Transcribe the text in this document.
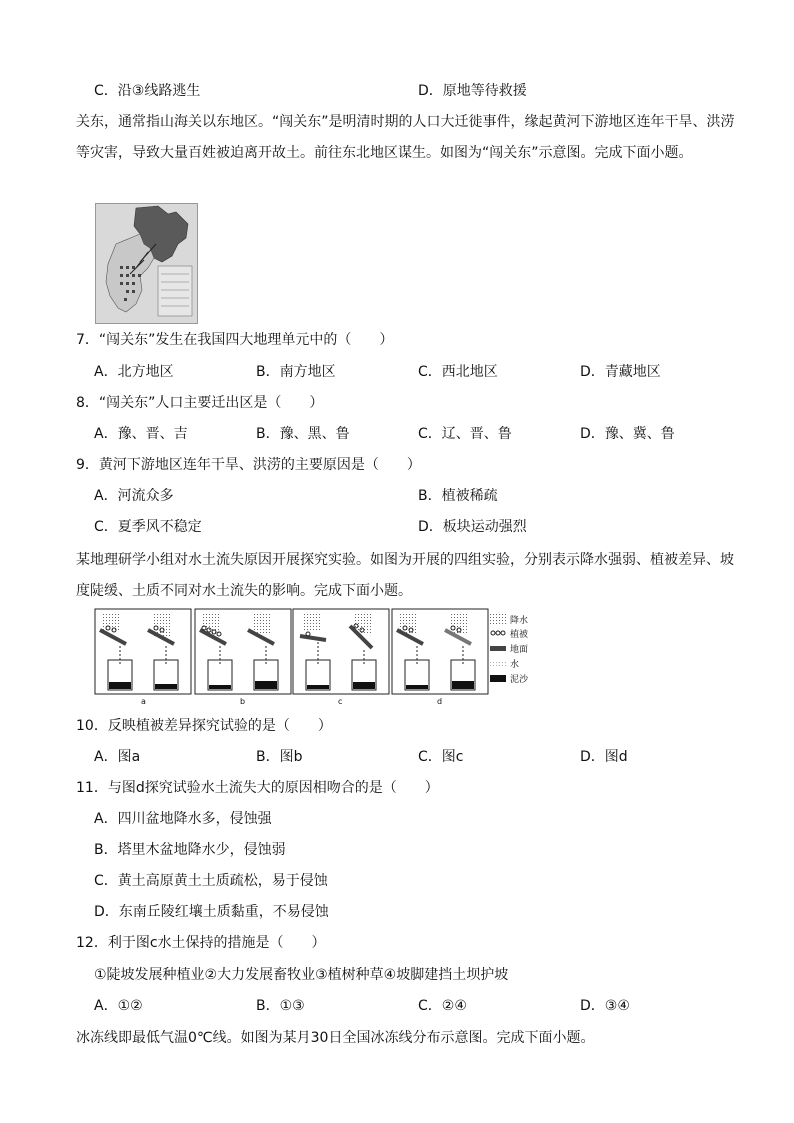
C．沿③线路逃生	D．原地等待救援
关东，通常指山海关以东地区。“闯关东”是明清时期的人口大迁徙事件，缘起黄河下游地区连年干旱、洪涝等灾害，导致大量百姓被迫离开故土。前往东北地区谋生。如图为“闯关东”示意图。完成下面小题。
7．“闯关东”发生在我国四大地理单元中的（　　）
A．北方地区	B．南方地区	C．西北地区	D．青藏地区
8．“闯关东”人口主要迁出区是（　　）
A．豫、晋、吉	B．豫、黑、鲁	C．辽、晋、鲁	D．豫、冀、鲁
9．黄河下游地区连年干旱、洪涝的主要原因是（　　）
A．河流众多	B．植被稀疏
C．夏季风不稳定	D．板块运动强烈
某地理研学小组对水土流失原因开展探究实验。如图为开展的四组实验，分别表示降水强弱、植被差异、坡度陡缓、土质不同对水土流失的影响。完成下面小题。
降水
植被
地面
水
泥沙
a	b	c	d
10．反映植被差异探究试验的是（　　）
A．图a	B．图b	C．图c	D．图d
11．与图d探究试验水土流失大的原因相吻合的是（　　）
A．四川盆地降水多，侵蚀强
B．塔里木盆地降水少，侵蚀弱
C．黄土高原黄土土质疏松，易于侵蚀
D．东南丘陵红壤土质黏重，不易侵蚀
12．利于图c水土保持的措施是（　　）
①陡坡发展种植业②大力发展畜牧业③植树种草④坡脚建挡土坝护坡
A．①②	B．①③	C．②④	D．③④
冰冻线即最低气温0℃线。如图为某月30日全国冰冻线分布示意图。完成下面小题。
